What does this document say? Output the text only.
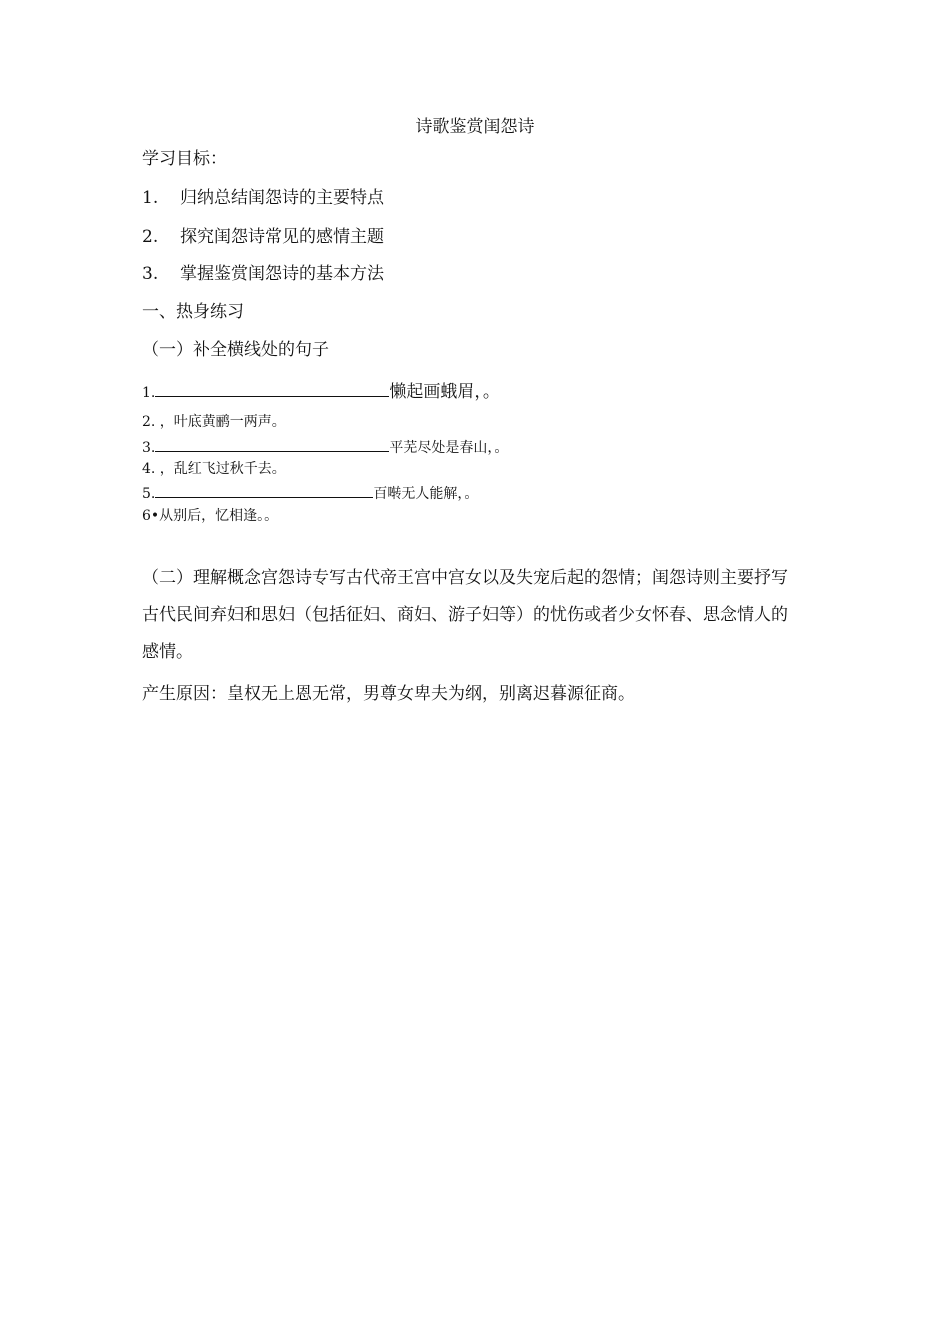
诗歌鉴赏闺怨诗
学习目标：
1. 归纳总结闺怨诗的主要特点
2. 探究闺怨诗常见的感情主题
3. 掌握鉴赏闺怨诗的基本方法
一、热身练习
（一）补全横线处的句子
1.	懒起画蛾眉，。
2. ，叶底黄鹂一两声。
3.	平芜尽处是春山，。
4. ，乱红飞过秋千去。
5.	百啭无人能解，。
6•从别后，忆相逢。。
（二）理解概念宫怨诗专写古代帝王宫中宫女以及失宠后起的怨情；闺怨诗则主要抒写古代民间弃妇和思妇（包括征妇、商妇、游子妇等）的忧伤或者少女怀春、思念情人的感情。
产生原因：皇权无上恩无常，男尊女卑夫为纲，别离迟暮源征商。
